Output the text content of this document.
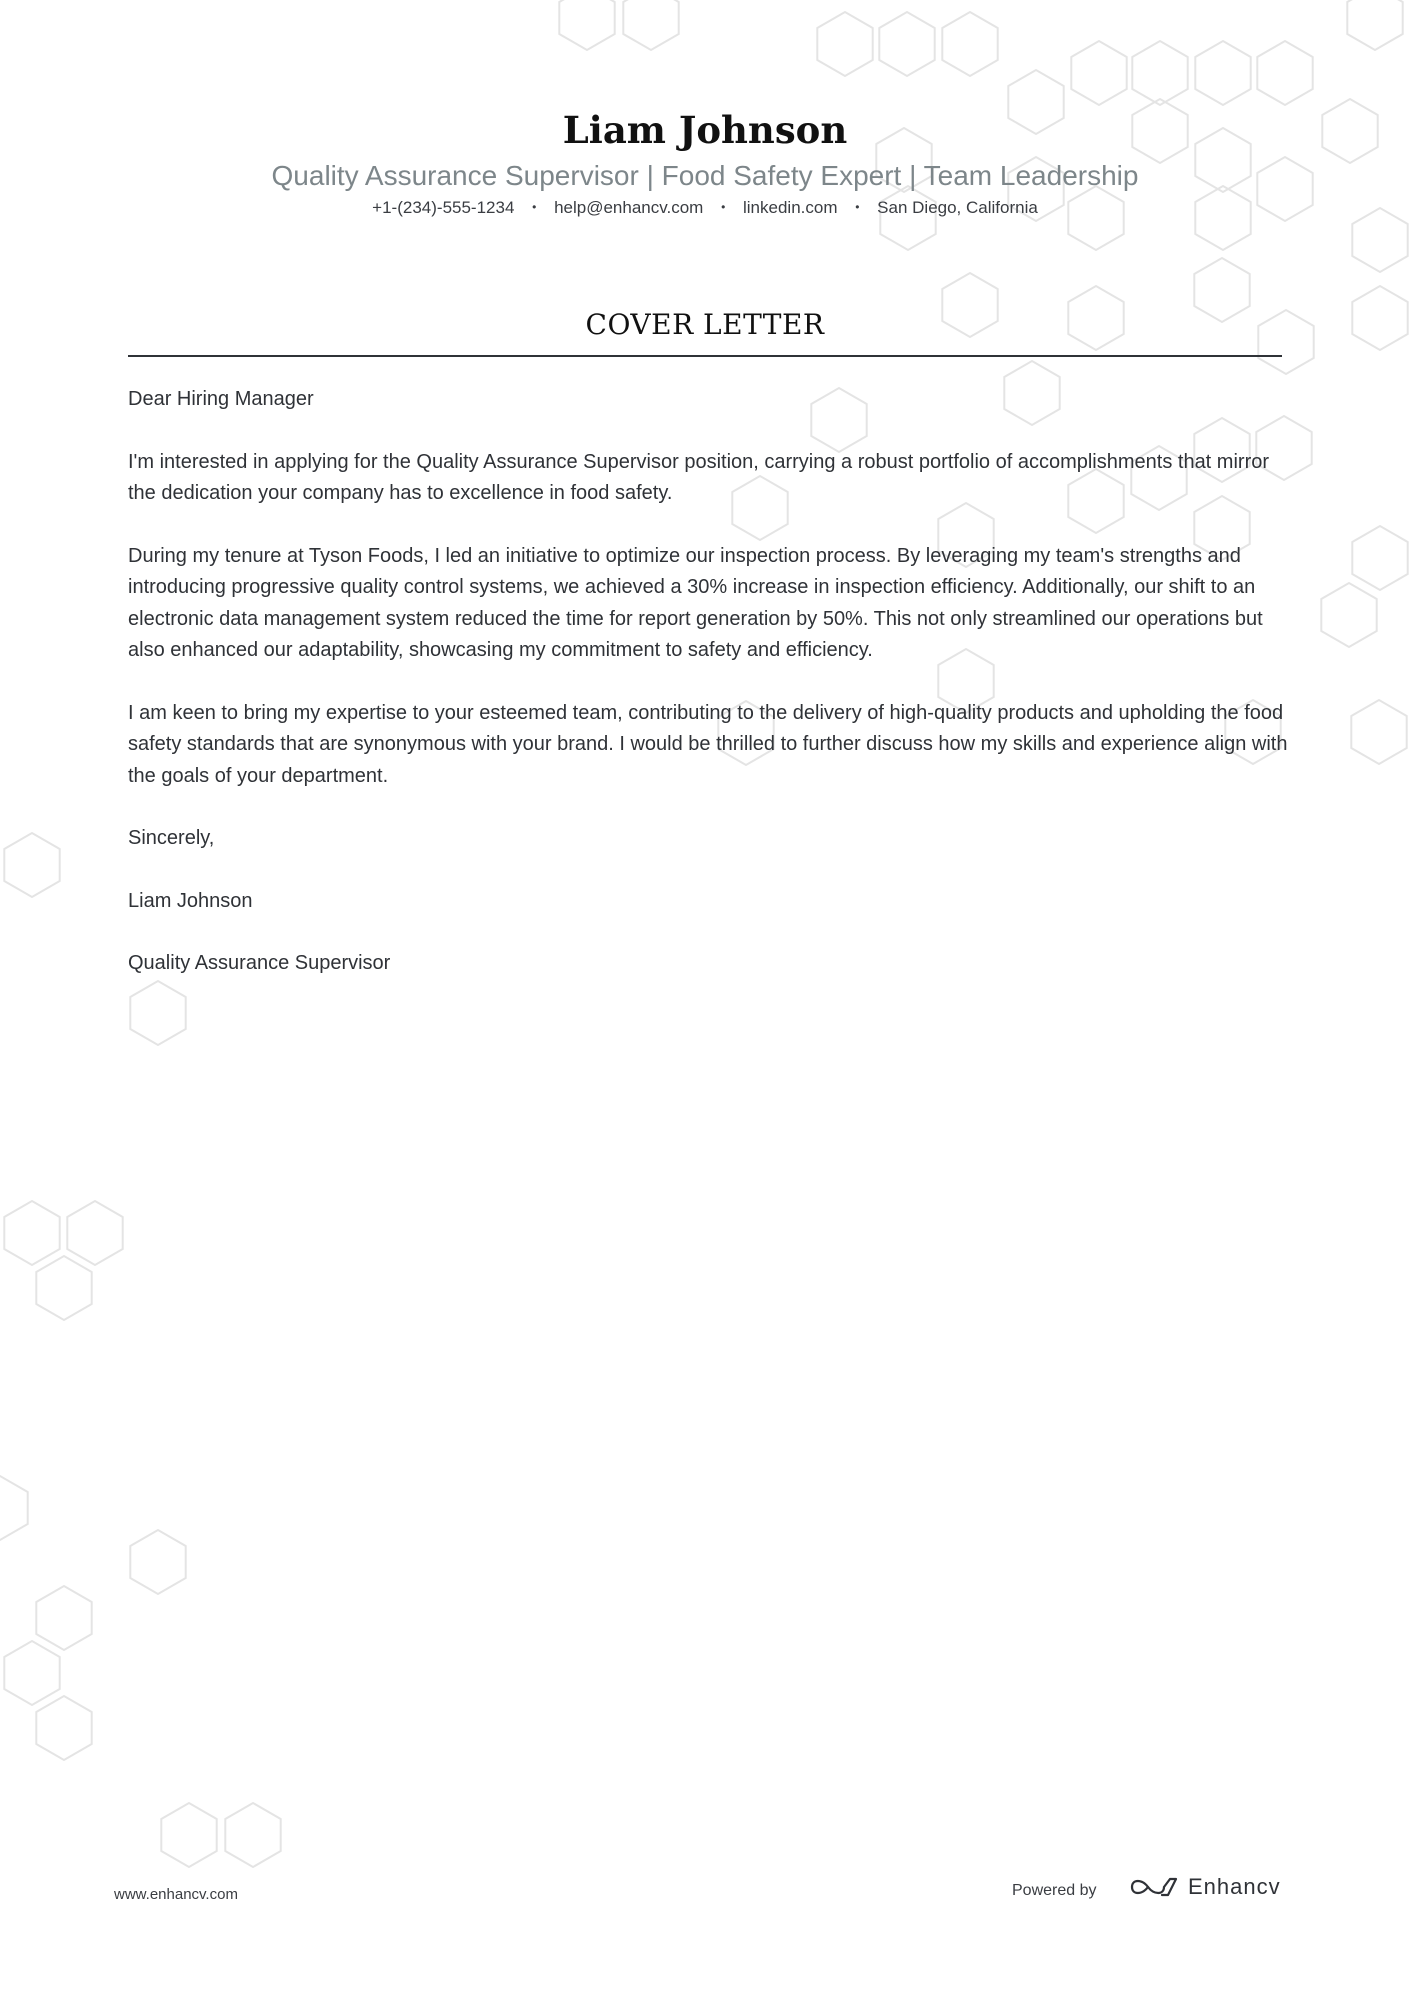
Liam Johnson
Quality Assurance Supervisor | Food Safety Expert | Team Leadership
+1-(234)-555-1234 • help@enhancv.com • linkedin.com • San Diego, California
COVER LETTER

Dear Hiring Manager

I'm interested in applying for the Quality Assurance Supervisor position, carrying a robust portfolio of accomplishments that mirror the dedication your company has to excellence in food safety.

During my tenure at Tyson Foods, I led an initiative to optimize our inspection process. By leveraging my team's strengths and introducing progressive quality control systems, we achieved a 30% increase in inspection efficiency. Additionally, our shift to an electronic data management system reduced the time for report generation by 50%. This not only streamlined our operations but also enhanced our adaptability, showcasing my commitment to safety and efficiency.

I am keen to bring my expertise to your esteemed team, contributing to the delivery of high-quality products and upholding the food safety standards that are synonymous with your brand. I would be thrilled to further discuss how my skills and experience align with the goals of your department.

Sincerely,

Liam Johnson

Quality Assurance Supervisor

www.enhancv.com	Powered by	Enhancv
